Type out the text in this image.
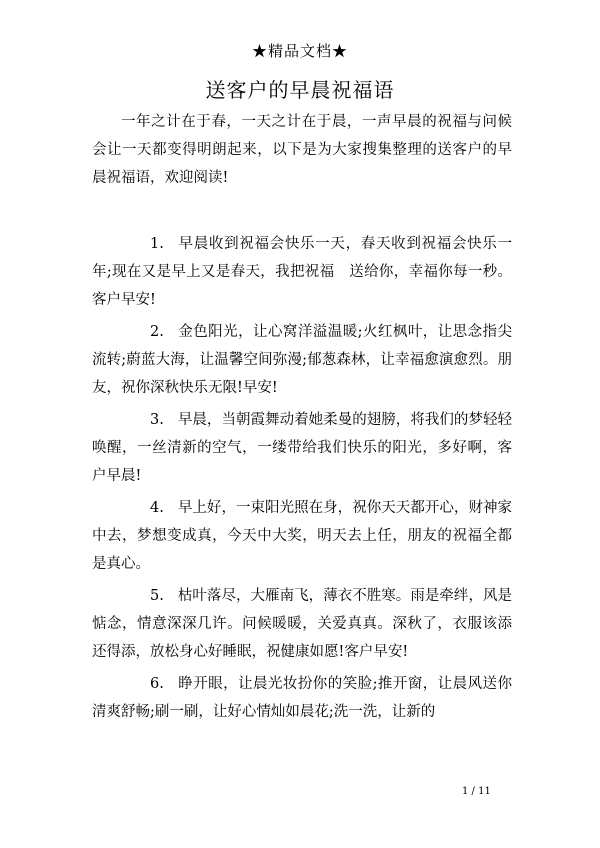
★精品文档★
送客户的早晨祝福语

一年之计在于春，一天之计在于晨，一声早晨的祝福与问候会让一天都变得明朗起来，以下是为大家搜集整理的送客户的早晨祝福语，欢迎阅读!

1. 早晨收到祝福会快乐一天，春天收到祝福会快乐一年;现在又是早上又是春天，我把祝福　送给你，幸福你每一秒。客户早安!

2. 金色阳光，让心窝洋溢温暖;火红枫叶，让思念指尖流转;蔚蓝大海，让温馨空间弥漫;郁葱森林，让幸福愈演愈烈。朋友，祝你深秋快乐无限!早安!

3. 早晨，当朝霞舞动着她柔曼的翅膀，将我们的梦轻轻唤醒，一丝清新的空气，一缕带给我们快乐的阳光，多好啊，客户早晨!

4. 早上好，一束阳光照在身，祝你天天都开心，财神家中去，梦想变成真，今天中大奖，明天去上任，朋友的祝福全都是真心。

5. 枯叶落尽，大雁南飞，薄衣不胜寒。雨是牵绊，风是惦念，情意深深几许。问候暖暖，关爱真真。深秋了，衣服该添还得添，放松身心好睡眠，祝健康如愿!客户早安!

6. 睁开眼，让晨光妆扮你的笑脸;推开窗，让晨风送你清爽舒畅;刷一刷，让好心情灿如晨花;洗一洗，让新的

1 / 11
